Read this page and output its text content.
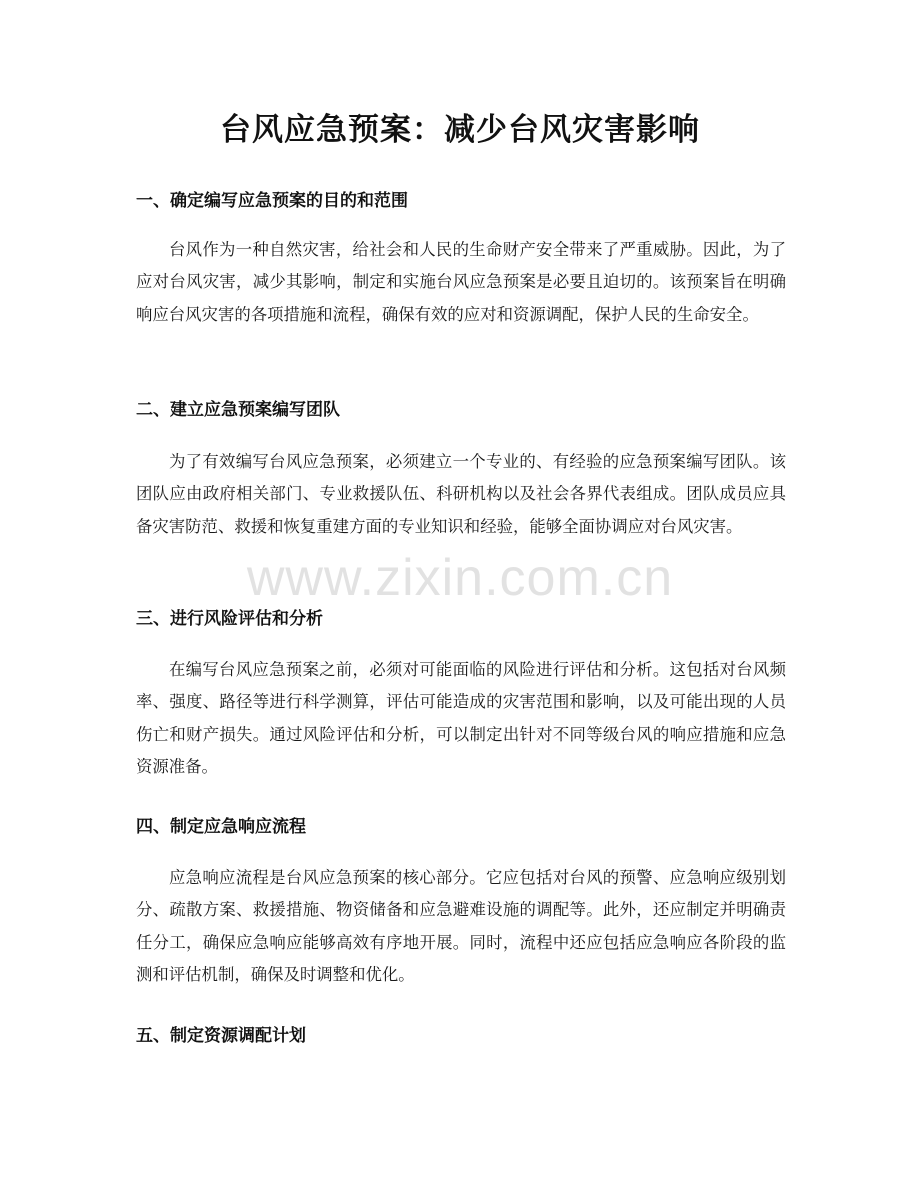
台风应急预案：减少台风灾害影响
一、确定编写应急预案的目的和范围

台风作为一种自然灾害，给社会和人民的生命财产安全带来了严重威胁。因此，为了应对台风灾害，减少其影响，制定和实施台风应急预案是必要且迫切的。该预案旨在明确响应台风灾害的各项措施和流程，确保有效的应对和资源调配，保护人民的生命安全。

二、建立应急预案编写团队

为了有效编写台风应急预案，必须建立一个专业的、有经验的应急预案编写团队。该团队应由政府相关部门、专业救援队伍、科研机构以及社会各界代表组成。团队成员应具备灾害防范、救援和恢复重建方面的专业知识和经验，能够全面协调应对台风灾害。

三、进行风险评估和分析

在编写台风应急预案之前，必须对可能面临的风险进行评估和分析。这包括对台风频率、强度、路径等进行科学测算，评估可能造成的灾害范围和影响，以及可能出现的人员伤亡和财产损失。通过风险评估和分析，可以制定出针对不同等级台风的响应措施和应急资源准备。

四、制定应急响应流程

应急响应流程是台风应急预案的核心部分。它应包括对台风的预警、应急响应级别划分、疏散方案、救援措施、物资储备和应急避难设施的调配等。此外，还应制定并明确责任分工，确保应急响应能够高效有序地开展。同时，流程中还应包括应急响应各阶段的监测和评估机制，确保及时调整和优化。

五、制定资源调配计划
www.zixin.com.cn
